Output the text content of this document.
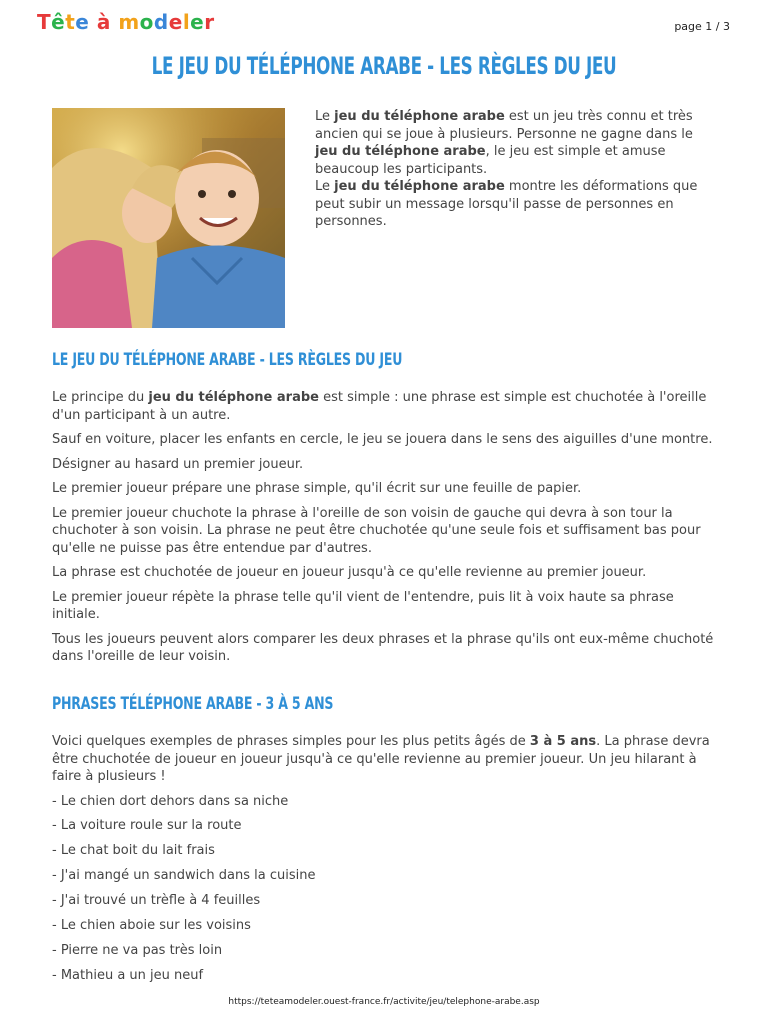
Tête à modeler	page 1 / 3
LE JEU DU TÉLÉPHONE ARABE - LES RÈGLES DU JEU

Le jeu du téléphone arabe est un jeu très connu et très ancien qui se joue à plusieurs. Personne ne gagne dans le jeu du téléphone arabe, le jeu est simple et amuse beaucoup les participants.

Le jeu du téléphone arabe montre les déformations que peut subir un message lorsqu'il passe de personnes en personnes.

LE JEU DU TÉLÉPHONE ARABE - LES RÈGLES DU JEU

Le principe du jeu du téléphone arabe est simple : une phrase est simple est chuchotée à l'oreille d'un participant à un autre.

Sauf en voiture, placer les enfants en cercle, le jeu se jouera dans le sens des aiguilles d'une montre.

Désigner au hasard un premier joueur.

Le premier joueur prépare une phrase simple, qu'il écrit sur une feuille de papier.

Le premier joueur chuchote la phrase à l'oreille de son voisin de gauche qui devra à son tour la chuchoter à son voisin. La phrase ne peut être chuchotée qu'une seule fois et suffisament bas pour qu'elle ne puisse pas être entendue par d'autres.

La phrase est chuchotée de joueur en joueur jusqu'à ce qu'elle revienne au premier joueur.

Le premier joueur répète la phrase telle qu'il vient de l'entendre, puis lit à voix haute sa phrase initiale.

Tous les joueurs peuvent alors comparer les deux phrases et la phrase qu'ils ont eux-même chuchoté dans l'oreille de leur voisin.

PHRASES TÉLÉPHONE ARABE - 3 À 5 ANS

Voici quelques exemples de phrases simples pour les plus petits âgés de 3 à 5 ans. La phrase devra être chuchotée de joueur en joueur jusqu'à ce qu'elle revienne au premier joueur. Un jeu hilarant à faire à plusieurs !

- Le chien dort dehors dans sa niche
- La voiture roule sur la route
- Le chat boit du lait frais
- J'ai mangé un sandwich dans la cuisine
- J'ai trouvé un trèfle à 4 feuilles
- Le chien aboie sur les voisins
- Pierre ne va pas très loin
- Mathieu a un jeu neuf
https://teteamodeler.ouest-france.fr/activite/jeu/telephone-arabe.asp
